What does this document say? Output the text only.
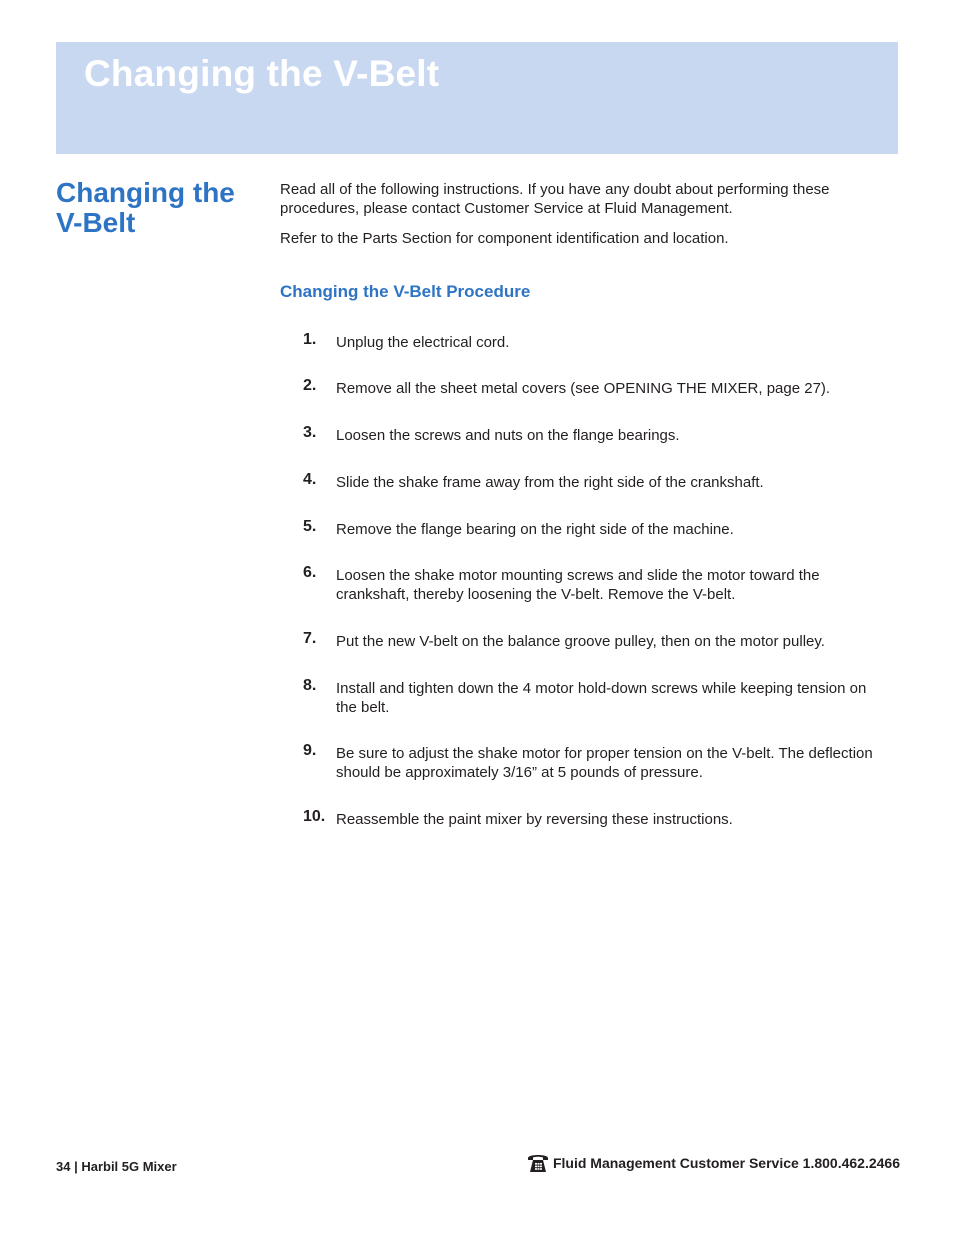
Changing the V-Belt
Changing the V-Belt

Read all of the following instructions. If you have any doubt about performing these procedures, please contact Customer Service at Fluid Management.

Refer to the Parts Section for component identification and location.

Changing the V-Belt Procedure
1. Unplug the electrical cord.
2. Remove all the sheet metal covers (see OPENING THE MIXER, page 27).
3. Loosen the screws and nuts on the flange bearings.
4. Slide the shake frame away from the right side of the crankshaft.
5. Remove the flange bearing on the right side of the machine.
6. Loosen the shake motor mounting screws and slide the motor toward the crankshaft, thereby loosening the V-belt. Remove the V-belt.
7. Put the new V-belt on the balance groove pulley, then on the motor pulley.
8. Install and tighten down the 4 motor hold-down screws while keeping tension on the belt.
9. Be sure to adjust the shake motor for proper tension on the V-belt. The deflection should be approximately 3/16” at 5 pounds of pressure.
10. Reassemble the paint mixer by reversing these instructions.
34 | Harbil 5G Mixer	Fluid Management Customer Service 1.800.462.2466
